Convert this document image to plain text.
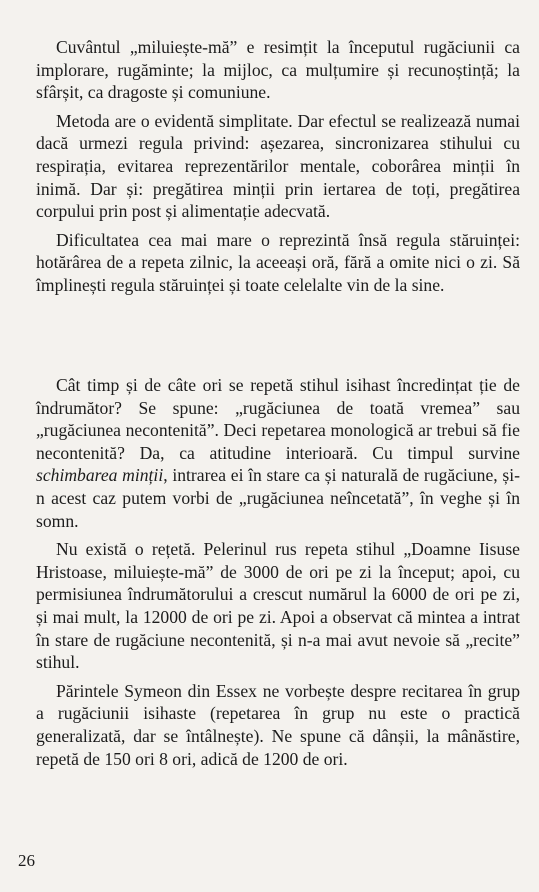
Cuvântul „miluiește-mă” e resimțit la începutul rugăciunii ca implorare, rugăminte; la mijloc, ca mulțumire și recunoștință; la sfârșit, ca dragoste și comuniune.

Metoda are o evidentă simplitate. Dar efectul se realizează numai dacă urmezi regula privind: așezarea, sincronizarea stihului cu respirația, evitarea reprezentărilor mentale, coborârea minții în inimă. Dar și: pregătirea minții prin iertarea de toți, pregătirea corpului prin post și alimentație adecvată.

Dificultatea cea mai mare o reprezintă însă regula stăruinței: hotărârea de a repeta zilnic, la aceeași oră, fără a omite nici o zi. Să împlinești regula stăruinței și toate celelalte vin de la sine.

Cât timp și de câte ori se repetă stihul isihast încredințat ție de îndrumător? Se spune: „rugăciunea de toată vremea” sau „rugăciunea necontenită”. Deci repetarea monologică ar trebui să fie necontenită? Da, ca atitudine interioară. Cu timpul survine schimbarea minții, intrarea ei în stare ca și naturală de rugăciune, și-n acest caz putem vorbi de „rugăciunea neîncetată”, în veghe și în somn.

Nu există o rețetă. Pelerinul rus repeta stihul „Doamne Iisuse Hristoase, miluiește-mă” de 3000 de ori pe zi la început; apoi, cu permisiunea îndrumătorului a crescut numărul la 6000 de ori pe zi, și mai mult, la 12000 de ori pe zi. Apoi a observat că mintea a intrat în stare de rugăciune necontenită, și n-a mai avut nevoie să „recite” stihul.

Părintele Symeon din Essex ne vorbește despre recitarea în grup a rugăciunii isihaste (repetarea în grup nu este o practică generalizată, dar se întâlnește). Ne spune că dânșii, la mânăstire, repetă de 150 ori 8 ori, adică de 1200 de ori.

26
